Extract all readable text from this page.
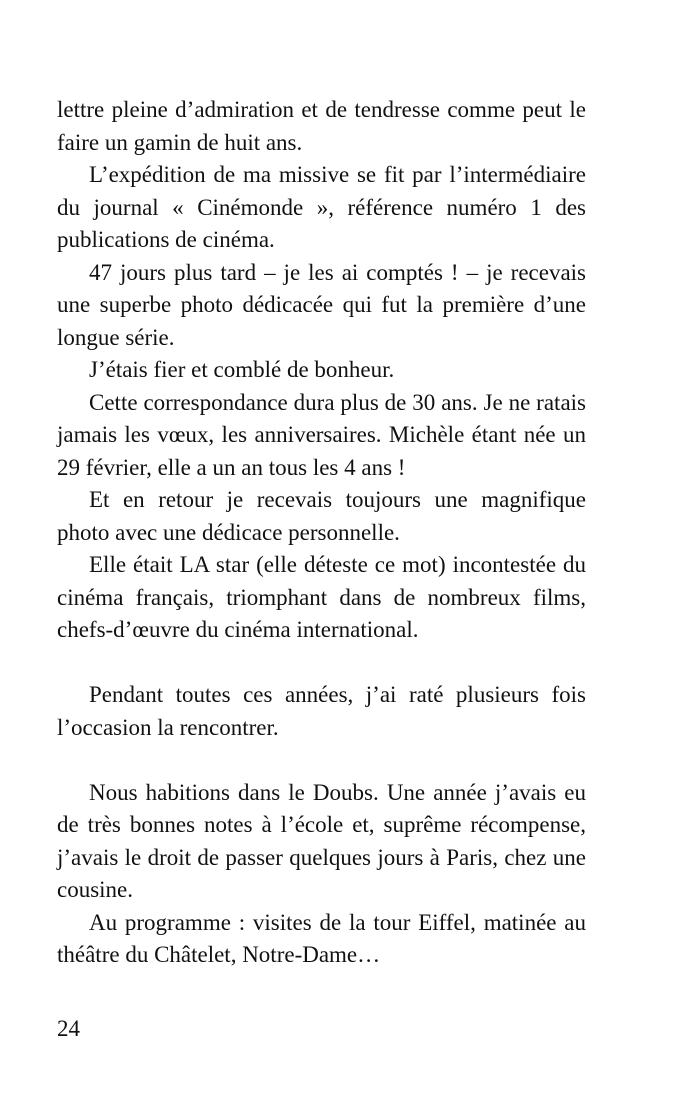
lettre pleine d’admiration et de tendresse comme peut le faire un gamin de huit ans.

L’expédition de ma missive se fit par l’intermédiaire du journal « Cinémonde », référence numéro 1 des publications de cinéma.

47 jours plus tard – je les ai comptés ! – je recevais une superbe photo dédicacée qui fut la première d’une longue série.

J’étais fier et comblé de bonheur.

Cette correspondance dura plus de 30 ans. Je ne ratais jamais les vœux, les anniversaires. Michèle étant née un 29 février, elle a un an tous les 4 ans !

Et en retour je recevais toujours une magnifique photo avec une dédicace personnelle.

Elle était LA star (elle déteste ce mot) incontestée du cinéma français, triomphant dans de nombreux films, chefs-d’œuvre du cinéma international.

Pendant toutes ces années, j’ai raté plusieurs fois l’occasion la rencontrer.

Nous habitions dans le Doubs. Une année j’avais eu de très bonnes notes à l’école et, suprême récompense, j’avais le droit de passer quelques jours à Paris, chez une cousine.

Au programme : visites de la tour Eiffel, matinée au théâtre du Châtelet, Notre-Dame…

24
